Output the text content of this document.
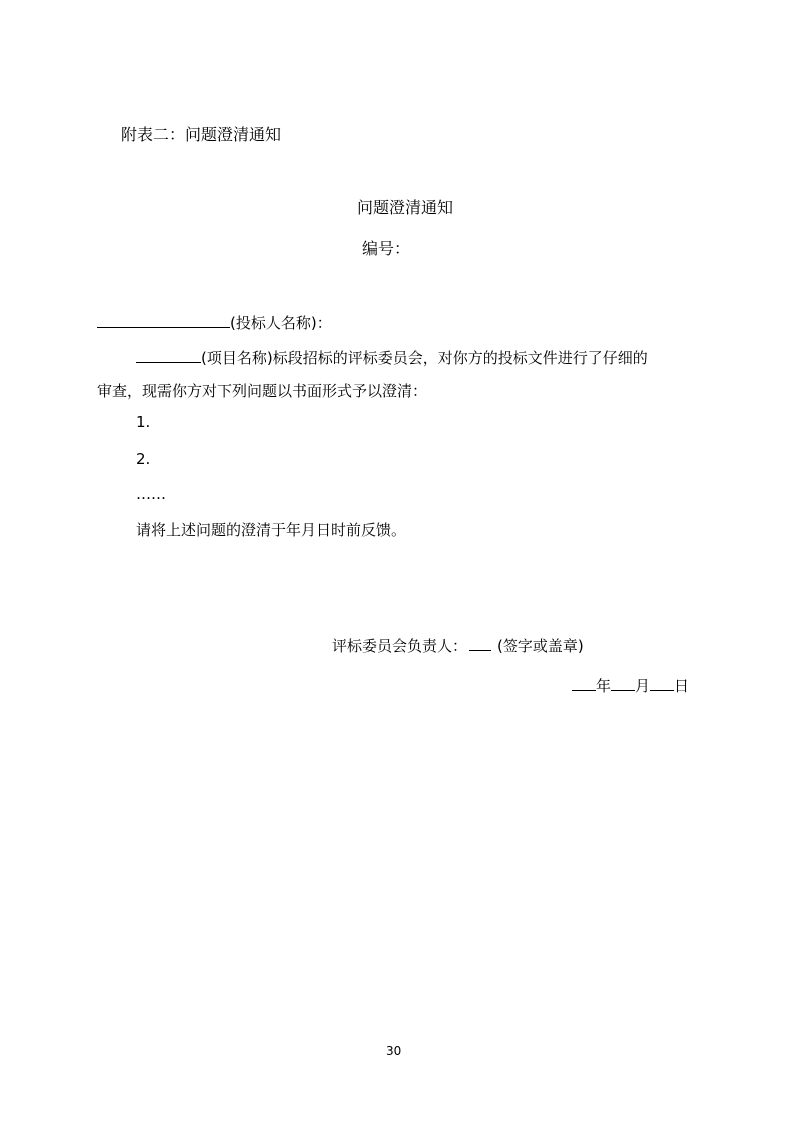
附表二：问题澄清通知
问题澄清通知
编号：
(投标人名称)：
(项目名称)标段招标的评标委员会，对你方的投标文件进行了仔细的
审查，现需你方对下列问题以书面形式予以澄清：
1.
2.
……
请将上述问题的澄清于年月日时前反馈。
评标委员会负责人： (签字或盖章)
年 月 日
30
